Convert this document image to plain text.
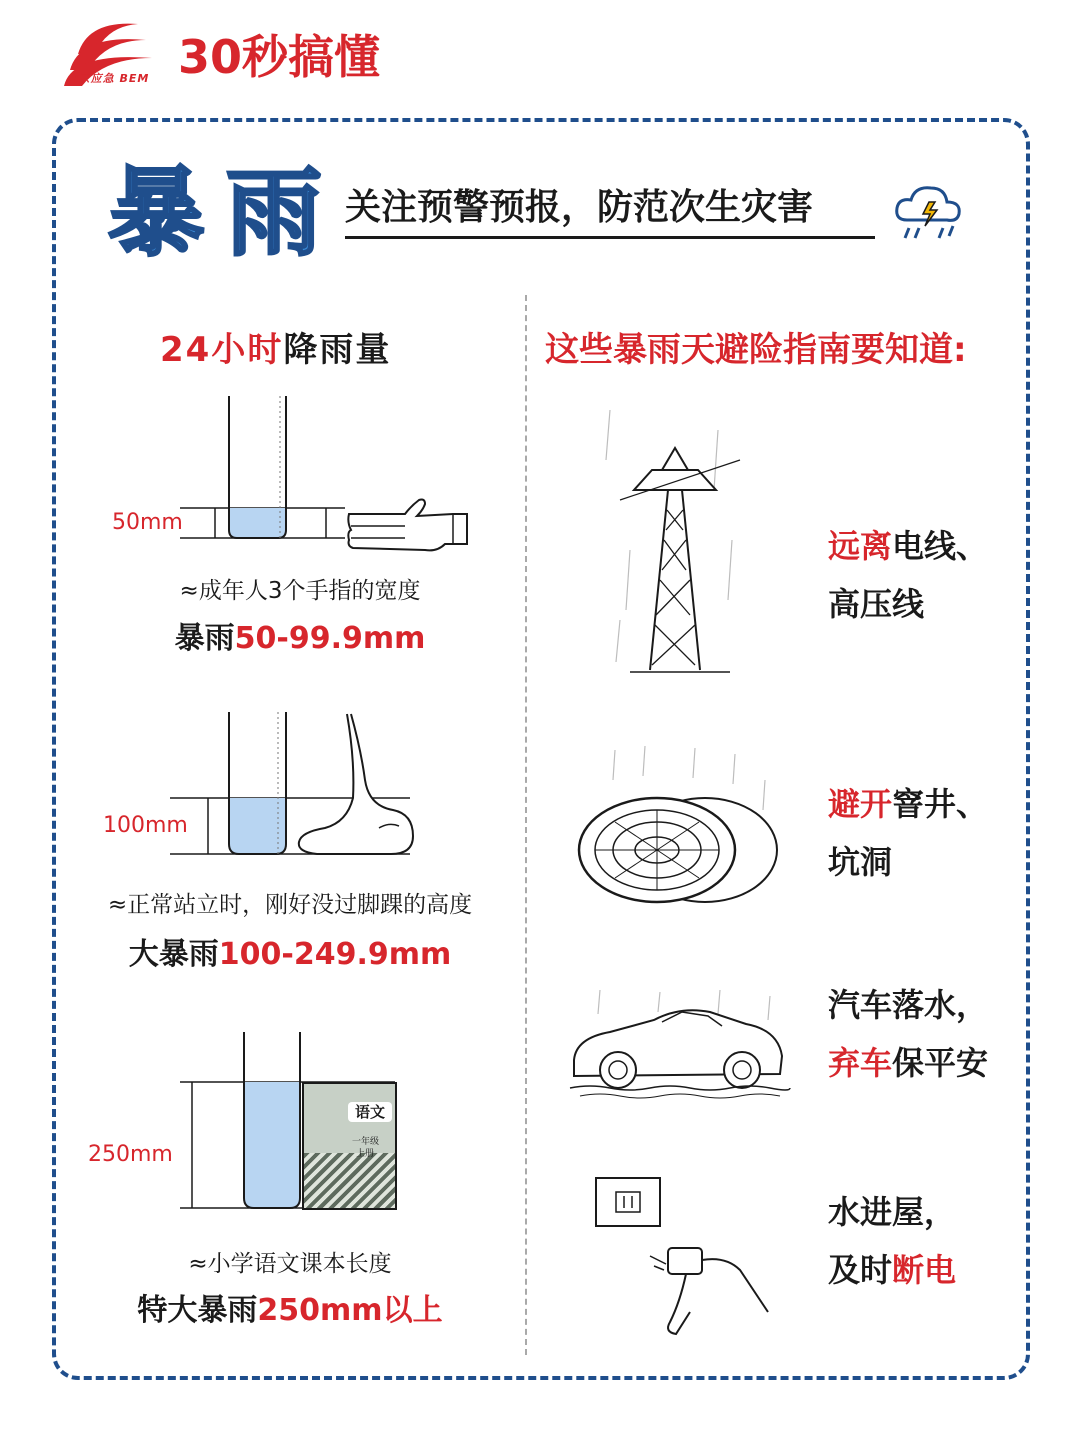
北京应急 BEM 30秒搞懂
暴 雨 关注预警预报，防范次生灾害
24小时降雨量
50mm
≈成年人3个手指的宽度
暴雨50-99.9mm
100mm
≈正常站立时，刚好没过脚踝的高度
大暴雨100-249.9mm
语文
一年级
上册
250mm
≈小学语文课本长度
特大暴雨250mm以上
这些暴雨天避险指南要知道:
远离电线、
高压线
避开窨井、
坑洞
汽车落水，
弃车保平安
水进屋，
及时断电
